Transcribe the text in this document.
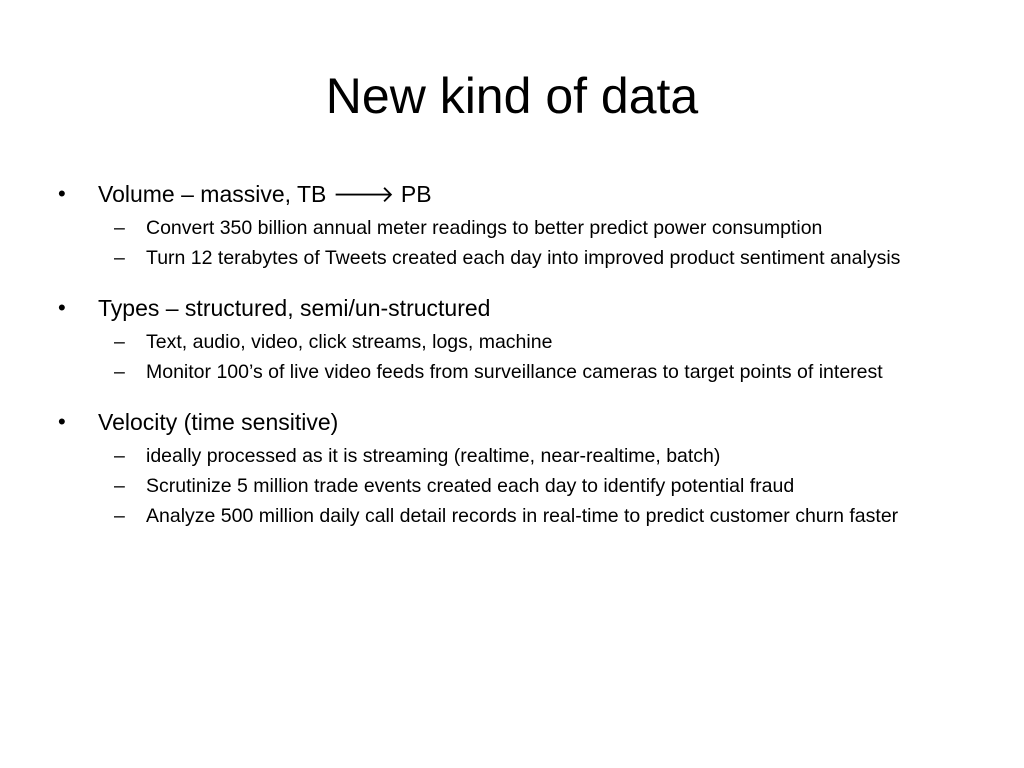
New kind of data
• Volume – massive, TB 🡒 PB
– Convert 350 billion annual meter readings to better predict power consumption
– Turn 12 terabytes of Tweets created each day into improved product sentiment analysis
• Types – structured, semi/un-structured
– Text, audio, video, click streams, logs, machine
– Monitor 100’s of live video feeds from surveillance cameras to target points of interest
• Velocity (time sensitive)
– ideally processed as it is streaming (realtime, near-realtime, batch)
– Scrutinize 5 million trade events created each day to identify potential fraud
– Analyze 500 million daily call detail records in real-time to predict customer churn faster
